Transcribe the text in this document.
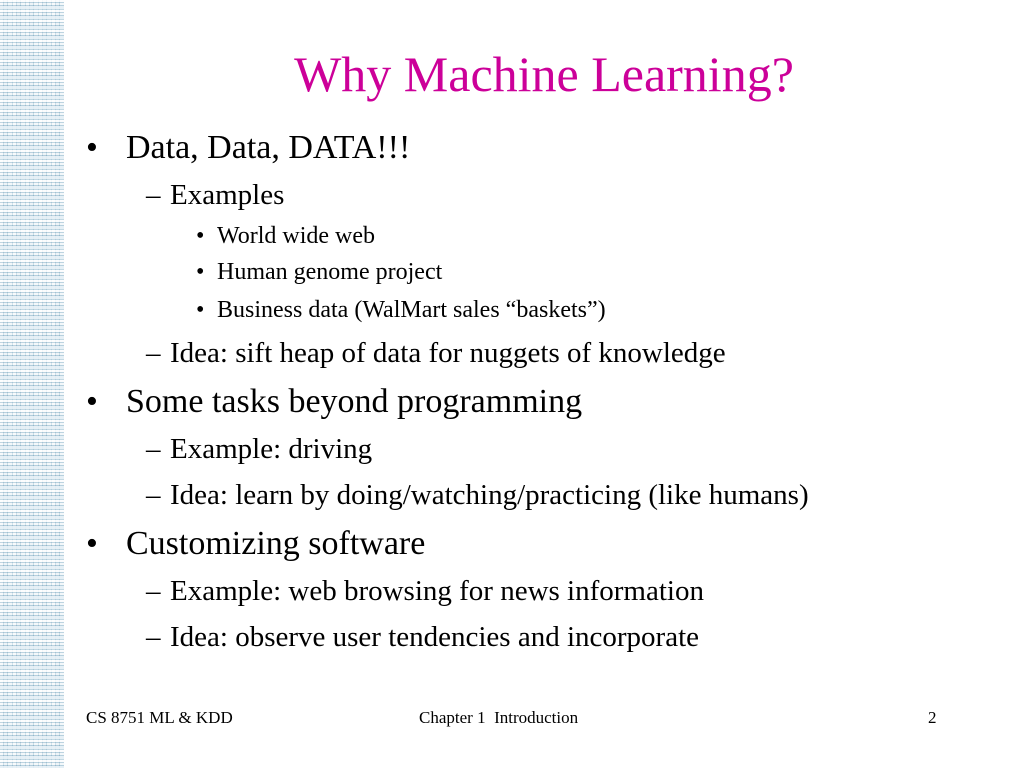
Why Machine Learning?
• Data, Data, DATA!!!
– Examples
• World wide web
• Human genome project
• Business data (WalMart sales “baskets”)
– Idea: sift heap of data for nuggets of knowledge
• Some tasks beyond programming
– Example: driving
– Idea: learn by doing/watching/practicing (like humans)
• Customizing software
– Example: web browsing for news information
– Idea: observe user tendencies and incorporate
CS 8751 ML & KDD	Chapter 1  Introduction	2
